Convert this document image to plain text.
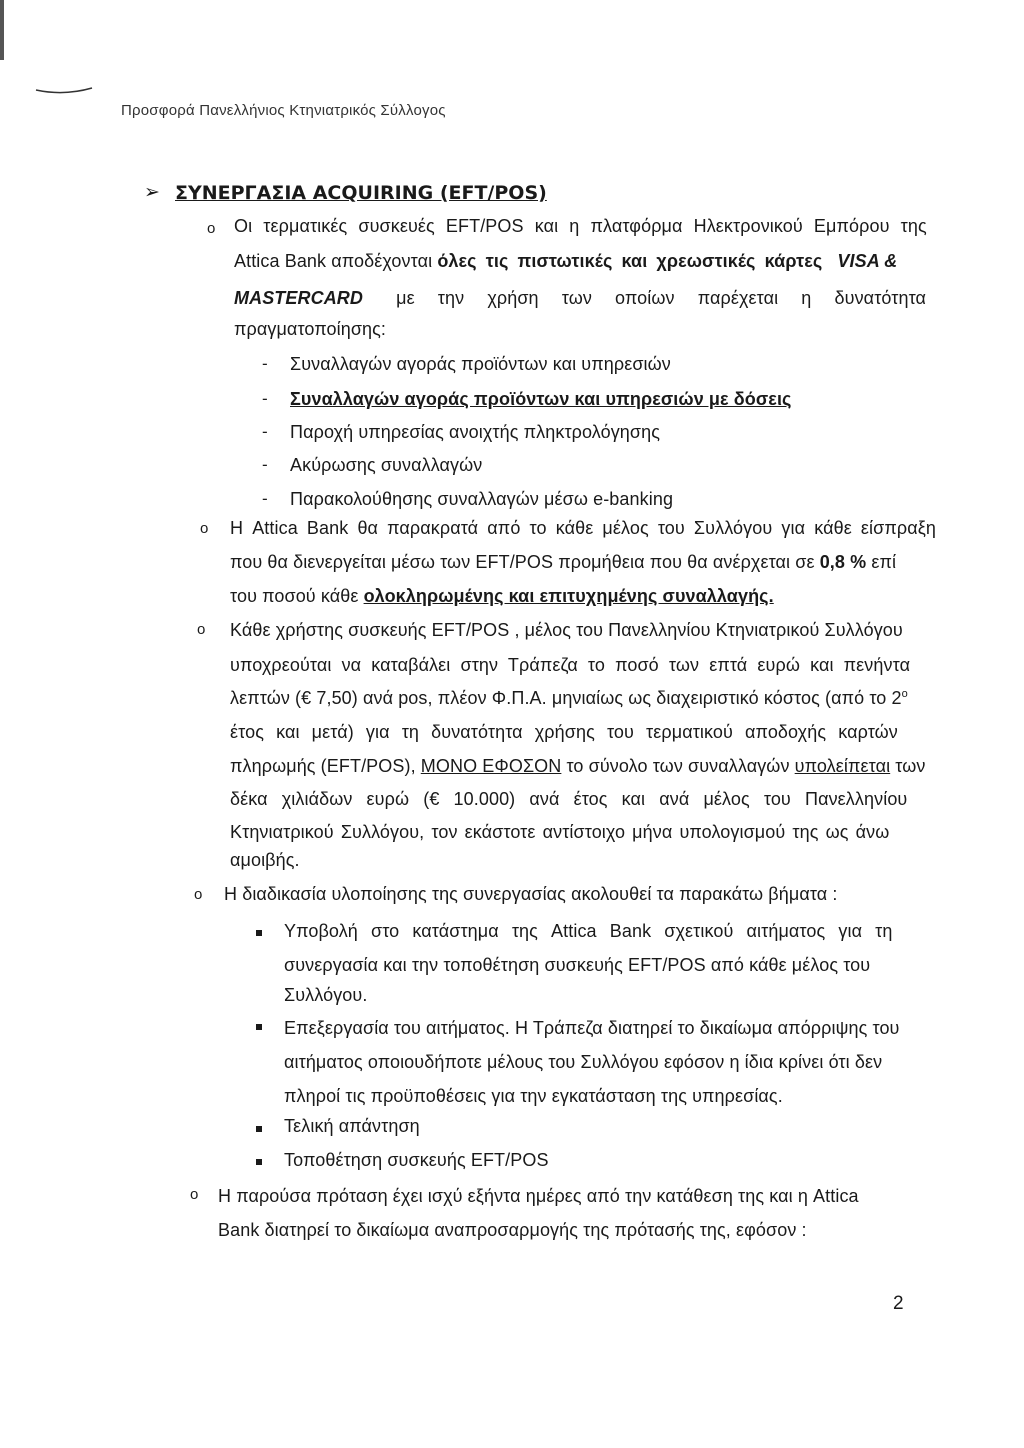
Προσφορά Πανελλήνιος Κτηνιατρικός Σύλλογος
➢ ΣΥΝΕΡΓΑΣΙΑ ACQUIRING (EFT/POS)
o Οι τερματικές συσκευές EFT/POS και η πλατφόρμα Ηλεκτρονικού Εμπόρου της
Attica Bank αποδέχονται όλες τις πιστωτικές και χρεωστικές κάρτες VISA &
MASTERCARD με την χρήση των οποίων παρέχεται η δυνατότητα
πραγματοποίησης:
- Συναλλαγών αγοράς προϊόντων και υπηρεσιών
- Συναλλαγών αγοράς προϊόντων και υπηρεσιών με δόσεις
- Παροχή υπηρεσίας ανοιχτής πληκτρολόγησης
- Ακύρωσης συναλλαγών
- Παρακολούθησης συναλλαγών μέσω e-banking
o Η Attica Bank θα παρακρατά από το κάθε μέλος του Συλλόγου για κάθε είσπραξη
που θα διενεργείται μέσω των EFT/POS προμήθεια που θα ανέρχεται σε 0,8 % επί
του ποσού κάθε ολοκληρωμένης και επιτυχημένης συναλλαγής.
o Κάθε χρήστης συσκευής EFT/POS , μέλος του Πανελληνίου Κτηνιατρικού Συλλόγου
υποχρεούται να καταβάλει στην Τράπεζα το ποσό των επτά ευρώ και πενήντα
λεπτών (€ 7,50) ανά pos, πλέον Φ.Π.Α. μηνιαίως ως διαχειριστικό κόστος (από το $2^o$
έτος και μετά) για τη δυνατότητα χρήσης του τερματικού αποδοχής καρτών
πληρωμής (EFT/POS), ΜΟΝΟ ΕΦΟΣΟΝ το σύνολο των συναλλαγών υπολείπεται των
δέκα χιλιάδων ευρώ (€ 10.000) ανά έτος και ανά μέλος του Πανελληνίου
Κτηνιατρικού Συλλόγου, τον εκάστοτε αντίστοιχο μήνα υπολογισμού της ως άνω
αμοιβής.
o Η διαδικασία υλοποίησης της συνεργασίας ακολουθεί τα παρακάτω βήματα :
Υποβολή στο κατάστημα της Attica Bank σχετικού αιτήματος για τη
συνεργασία και την τοποθέτηση συσκευής EFT/POS από κάθε μέλος του
Συλλόγου.
Επεξεργασία του αιτήματος. Η Τράπεζα διατηρεί το δικαίωμα απόρριψης του
αιτήματος οποιουδήποτε μέλους του Συλλόγου εφόσον η ίδια κρίνει ότι δεν
πληροί τις προϋποθέσεις για την εγκατάσταση της υπηρεσίας.
Τελική απάντηση
Τοποθέτηση συσκευής EFT/POS
o Η παρούσα πρόταση έχει ισχύ εξήντα ημέρες από την κατάθεση της και η Attica
Bank διατηρεί το δικαίωμα αναπροσαρμογής της πρότασής της, εφόσον :
2
